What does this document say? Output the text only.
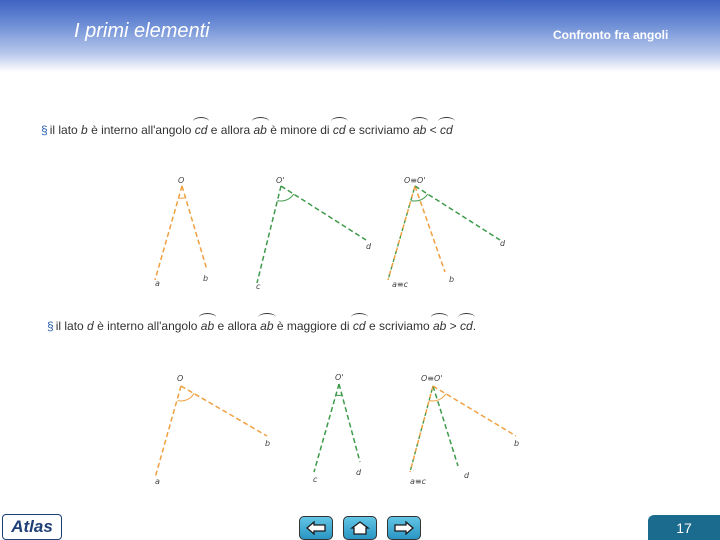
I primi elementi	Confronto fra angoli
§ il lato b è interno all'angolo cd e allora ab è minore di cd e scriviamo ab < cd
§ il lato d è interno all'angolo ab e allora ab è maggiore di cd e scriviamo ab > cd.
O
a
b
O'
c
d
O≡O'
a≡c
b
d
O
a
b
O'
c
d
O≡O'
a≡c
d
b
Atlas	17
